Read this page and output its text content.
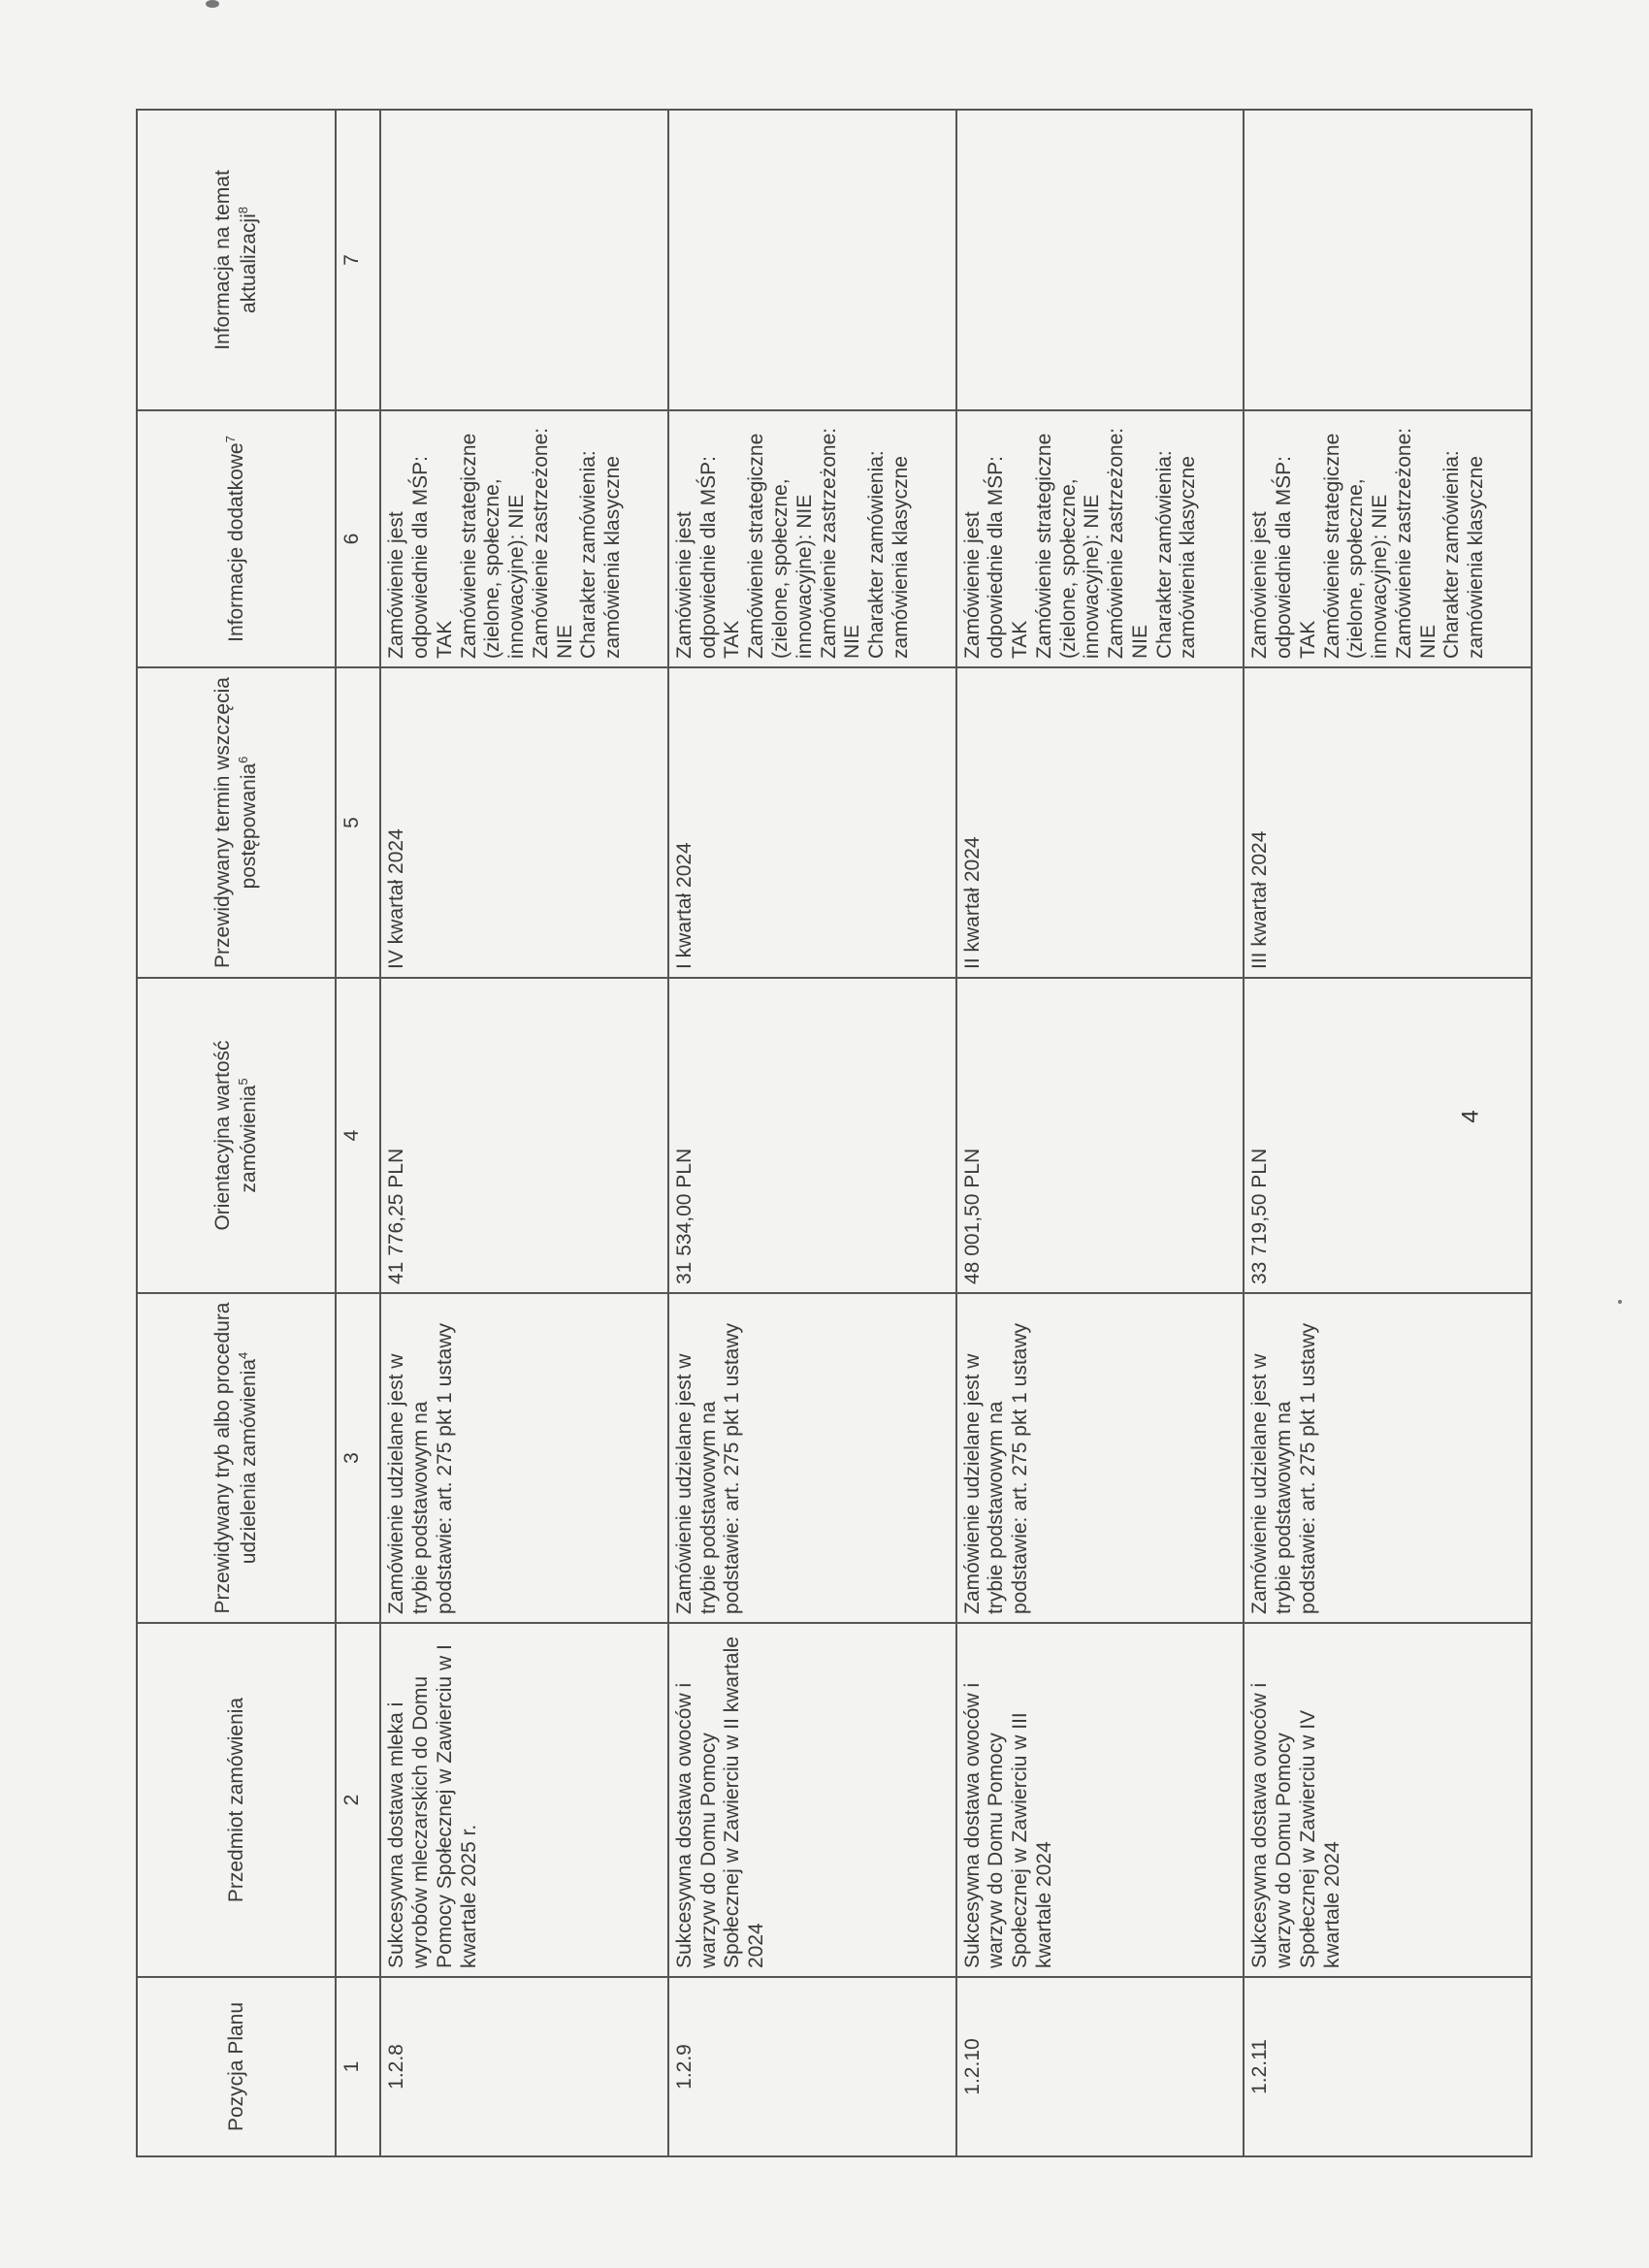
Pozycja Planu	Przedmiot zamówienia	Przewidywany tryb albo procedura udzielenia zamówienia$^4$	Orientacyjna wartość zamówienia$^5$	Przewidywany termin wszczęcia postępowania$^6$	Informacje dodatkowe$^7$	Informacja na temat aktualizacji$^8$
1	2	3	4	5	6	7
1.2.8	Sukcesywna dostawa mleka i wyrobów mleczarskich do Domu Pomocy Społecznej w Zawierciu w I kwartale 2025 r.	Zamówienie udzielane jest w trybie podstawowym na podstawie: art. 275 pkt 1 ustawy	41 776,25 PLN	IV kwartał 2024	Zamówienie jest odpowiednie dla MŚP: TAK Zamówienie strategiczne (zielone, społeczne, innowacyjne): NIE Zamówienie zastrzeżone: NIE Charakter zamówienia: zamówienia klasyczne	

1.2.9	Sukcesywna dostawa owoców i warzyw do Domu Pomocy Społecznej w Zawierciu w II kwartale 2024	Zamówienie udzielane jest w trybie podstawowym na podstawie: art. 275 pkt 1 ustawy	31 534,00 PLN	I kwartał 2024	Zamówienie jest odpowiednie dla MŚP: TAK Zamówienie strategiczne (zielone, społeczne, innowacyjne): NIE Zamówienie zastrzeżone: NIE Charakter zamówienia: zamówienia klasyczne	

1.2.10	Sukcesywna dostawa owoców i warzyw do Domu Pomocy Społecznej w Zawierciu w III kwartale 2024	Zamówienie udzielane jest w trybie podstawowym na podstawie: art. 275 pkt 1 ustawy	48 001,50 PLN	II kwartał 2024	Zamówienie jest odpowiednie dla MŚP: TAK Zamówienie strategiczne (zielone, społeczne, innowacyjne): NIE Zamówienie zastrzeżone: NIE Charakter zamówienia: zamówienia klasyczne	

1.2.11	Sukcesywna dostawa owoców i warzyw do Domu Pomocy Społecznej w Zawierciu w IV kwartale 2024	Zamówienie udzielane jest w trybie podstawowym na podstawie: art. 275 pkt 1 ustawy	33 719,50 PLN	III kwartał 2024	Zamówienie jest odpowiednie dla MŚP: TAK Zamówienie strategiczne (zielone, społeczne, innowacyjne): NIE Zamówienie zastrzeżone: NIE Charakter zamówienia: zamówienia klasyczne	

4
